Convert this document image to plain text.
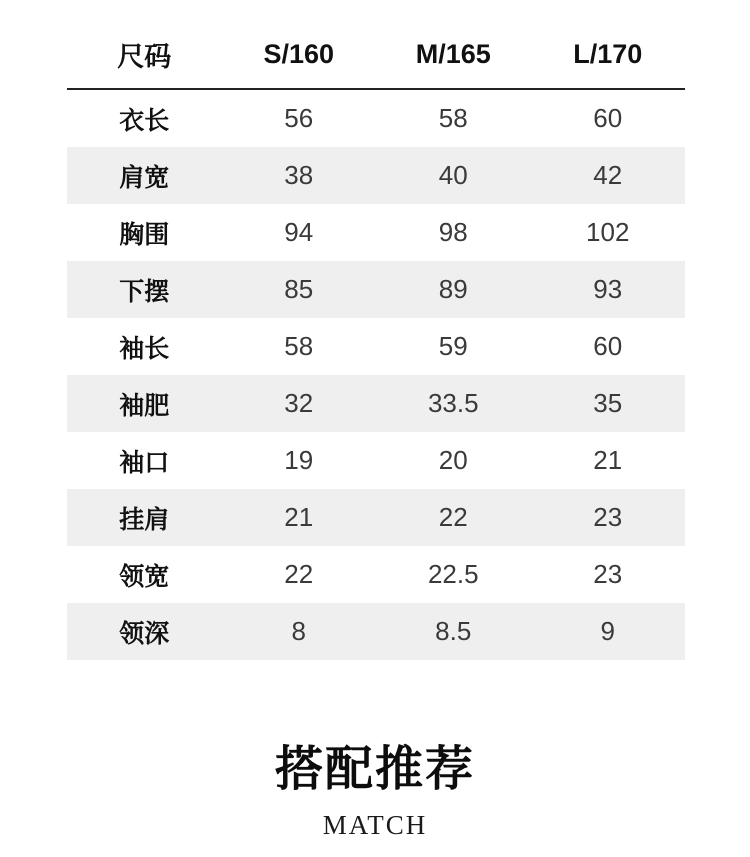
尺码	S/160	M/165	L/170
衣长	56	58	60
肩宽	38	40	42
胸围	94	98	102
下摆	85	89	93
袖长	58	59	60
袖肥	32	33.5	35
袖口	19	20	21
挂肩	21	22	23
领宽	22	22.5	23
领深	8	8.5	9
搭配推荐
MATCH
